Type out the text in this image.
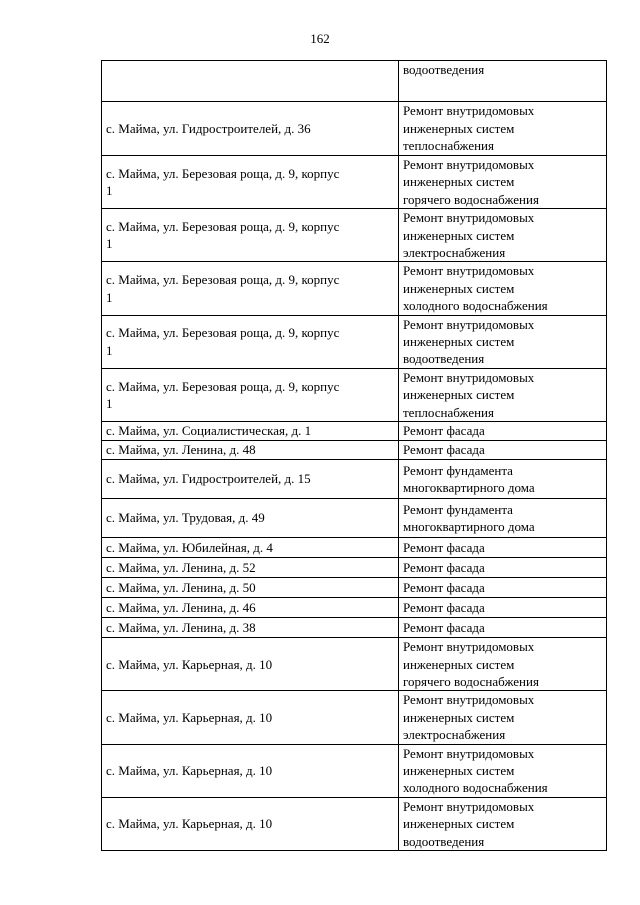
162

	водоотведения

с. Майма, ул. Гидростроителей, д. 36	Ремонт внутридомовых
инженерных систем
теплоснабжения

с. Майма, ул. Березовая роща, д. 9, корпус
1	Ремонт внутридомовых
инженерных систем
горячего водоснабжения

с. Майма, ул. Березовая роща, д. 9, корпус
1	Ремонт внутридомовых
инженерных систем
электроснабжения

с. Майма, ул. Березовая роща, д. 9, корпус
1	Ремонт внутридомовых
инженерных систем
холодного водоснабжения

с. Майма, ул. Березовая роща, д. 9, корпус
1	Ремонт внутридомовых
инженерных систем
водоотведения

с. Майма, ул. Березовая роща, д. 9, корпус
1	Ремонт внутридомовых
инженерных систем
теплоснабжения

с. Майма, ул. Социалистическая, д. 1	Ремонт фасада

с. Майма, ул. Ленина, д. 48	Ремонт фасада

с. Майма, ул. Гидростроителей, д. 15	Ремонт фундамента
многоквартирного дома

с. Майма, ул. Трудовая, д. 49	Ремонт фундамента
многоквартирного дома

с. Майма, ул. Юбилейная, д. 4	Ремонт фасада

с. Майма, ул. Ленина, д. 52	Ремонт фасада

с. Майма, ул. Ленина, д. 50	Ремонт фасада

с. Майма, ул. Ленина, д. 46	Ремонт фасада

с. Майма, ул. Ленина, д. 38	Ремонт фасада

с. Майма, ул. Карьерная, д. 10	Ремонт внутридомовых
инженерных систем
горячего водоснабжения

с. Майма, ул. Карьерная, д. 10	Ремонт внутридомовых
инженерных систем
электроснабжения

с. Майма, ул. Карьерная, д. 10	Ремонт внутридомовых
инженерных систем
холодного водоснабжения

с. Майма, ул. Карьерная, д. 10	Ремонт внутридомовых
инженерных систем
водоотведения
